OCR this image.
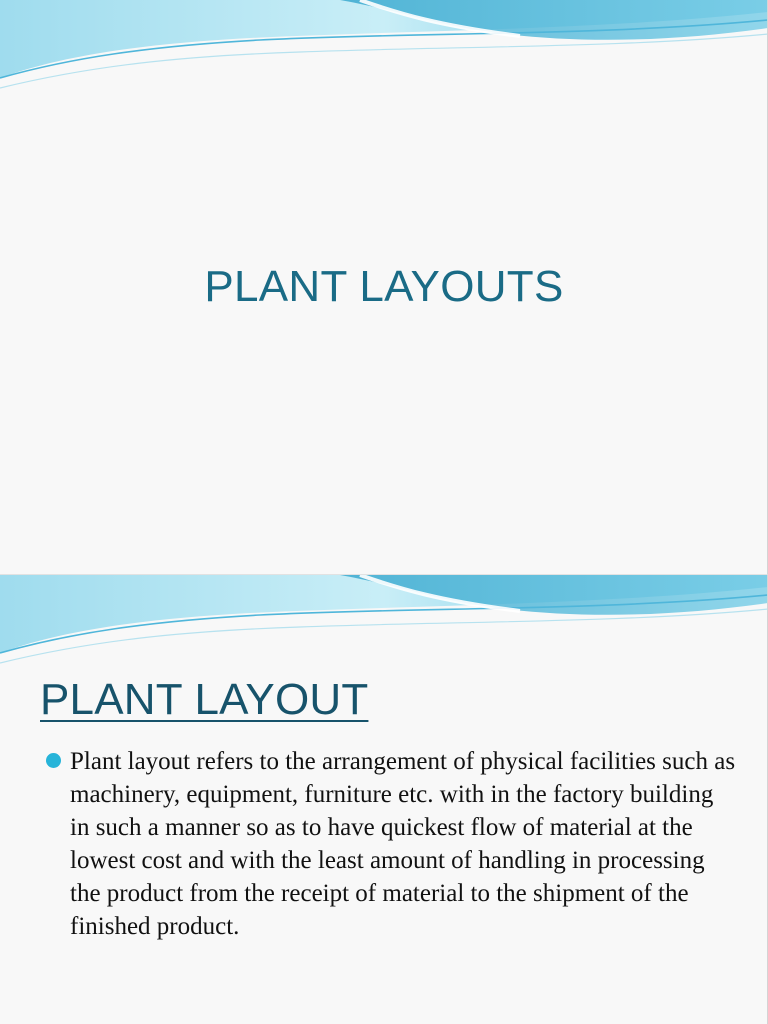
PLANT LAYOUTS
PLANT LAYOUT
Plant layout refers to the arrangement of physical facilities such as machinery, equipment, furniture etc. with in the factory building in such a manner so as to have quickest flow of material at the lowest cost and with the least amount of handling in processing the product from the receipt of material to the shipment of the finished product.
